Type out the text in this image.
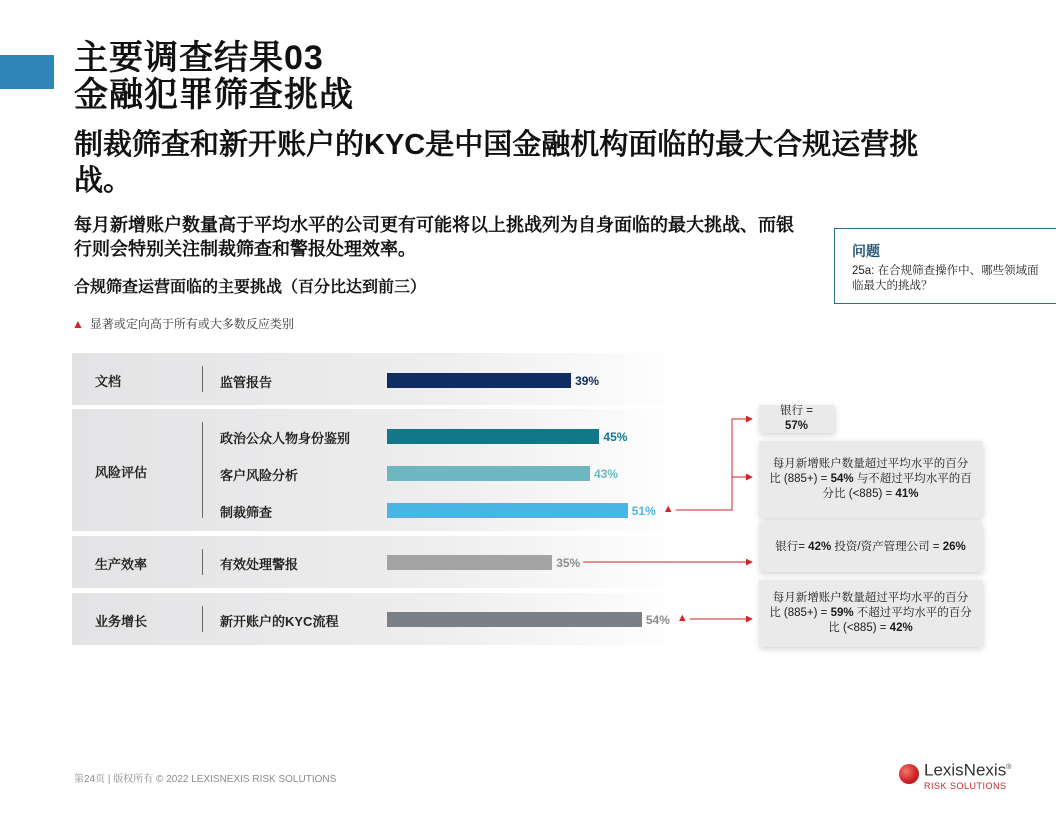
主要调查结果03
金融犯罪筛查挑战
制裁筛查和新开账户的KYC是中国金融机构面临的最大合规运营挑战。
每月新增账户数量高于平均水平的公司更有可能将以上挑战列为自身面临的最大挑战、而银行则会特别关注制裁筛查和警报处理效率。	问题
25a: 在合规筛查操作中、哪些领域面临最大的挑战？
合规筛查运营面临的主要挑战（百分比达到前三）
▲ 显著或定向高于所有或大多数反应类别
文档	监管报告	39%
风险评估
政治公众人物身份鉴别	45%
客户风险分析	43%
制裁筛查	51% ▲
生产效率	有效处理警报	35%
业务增长	新开账户的KYC流程	54% ▲
银行 = 57%
每月新增账户数量超过平均水平的百分比 (885+) = 54% 与不超过平均水平的百分比 (<885) = 41%
银行= 42% 投资/资产管理公司 = 26%
每月新增账户数量超过平均水平的百分比 (885+) = 59% 不超过平均水平的百分比 (<885) = 42%
第24页 | 版权所有 © 2022 LEXISNEXIS RISK SOLUTIONS	LexisNexis®
RISK SOLUTIONS
